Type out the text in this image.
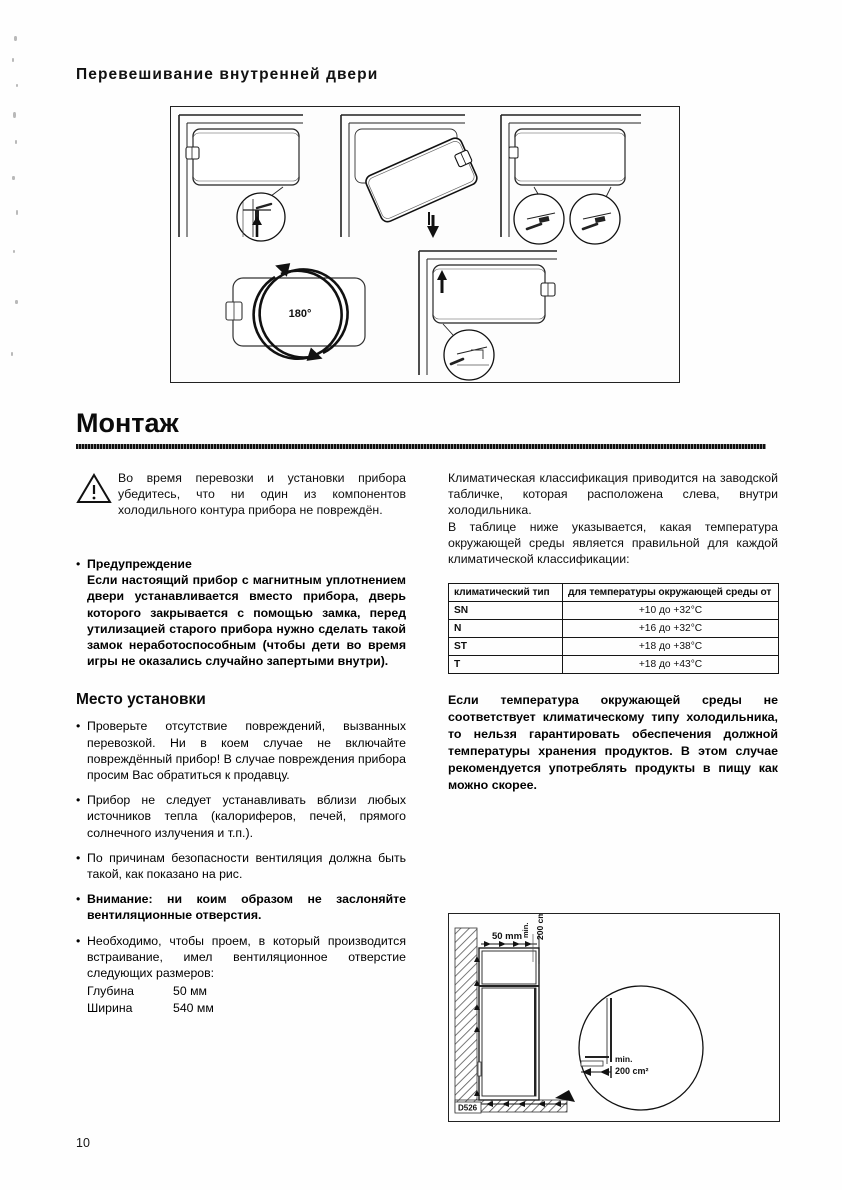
Перевешивание внутренней двери
180°
Монтаж

Во время перевозки и установки прибора убедитесь, что ни один из компонентов холодильного контура прибора не повреждён.

• Предупреждение
Если настоящий прибор с магнитным уплотнением двери устанавливается вместо прибора, дверь которого закрывается с помощью замка, перед утилизацией старого прибора нужно сделать такой замок неработоспособным (чтобы дети во время игры не оказались случайно запертыми внутри).
Место установки
• Проверьте отсутствие повреждений, вызванных перевозкой. Ни в коем случае не включайте повреждённый прибор! В случае повреждения прибора просим Вас обратиться к продавцу.
• Прибор не следует устанавливать вблизи любых источников тепла (калориферов, печей, прямого солнечного излучения и т.п.).
• По причинам безопасности вентиляция должна быть такой, как показано на рис.
• Внимание: ни коим образом не заслоняйте вентиляционные отверстия.
• Необходимо, чтобы проем, в который производится встраивание, имел вентиляционное отверстие следующих размеров:
Глубина	50 мм
Ширина	540 мм

Климатическая классификация приводится на заводской табличке, которая расположена слева, внутри холодильника.

В таблице ниже указывается, какая температура окружающей среды является правильной для каждой климатической классификации:

климатический тип	для температуры окружающей среды от
SN	+10 до +32°C
N	+16 до +32°C
ST	+18 до +38°C
T	+18 до +43°C
Если температура окружающей среды не соответствует климатическому типу холодильника, то нельзя гарантировать обеспечения должной температуры хранения продуктов. В этом случае рекомендуется употреблять продукты в пищу как можно скорее.
50 mm
min. 200 cm²
min.
200 cm²
D526
10
